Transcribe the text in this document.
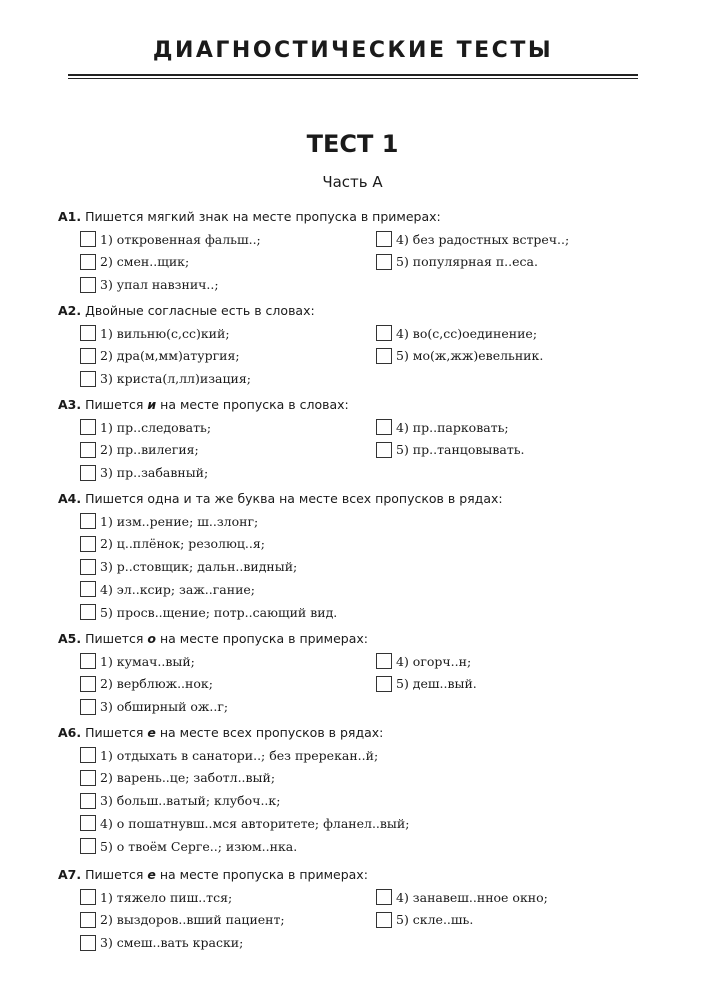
ДИАГНОСТИЧЕСКИЕ ТЕСТЫ
ТЕСТ 1
Часть А
А1. Пишется мягкий знак на месте пропуска в примерах:
1) откровенная фальш..;	4) без радостных встреч..;
2) смен..щик;	5) популярная п..еса.
3) упал навзнич..;
А2. Двойные согласные есть в словах:
1) вильню(с,сс)кий;	4) во(с,сс)оединение;
2) дра(м,мм)атургия;	5) мо(ж,жж)евельник.
3) криста(л,лл)изация;
А3. Пишется и на месте пропуска в словах:
1) пр..следовать;	4) пр..парковать;
2) пр..вилегия;	5) пр..танцовывать.
3) пр..забавный;
А4. Пишется одна и та же буква на месте всех пропусков в рядах:
1) изм..рение; ш..злонг;
2) ц..плёнок; резолюц..я;
3) р..стовщик; дальн..видный;
4) эл..ксир; заж..гание;
5) просв..щение; потр..сающий вид.
А5. Пишется о на месте пропуска в примерах:
1) кумач..вый;	4) огорч..н;
2) верблюж..нок;	5) деш..вый.
3) обширный ож..г;
А6. Пишется е на месте всех пропусков в рядах:
1) отдыхать в санатори..; без пререкан..й;
2) варень..це; заботл..вый;
3) больш..ватый; клубоч..к;
4) о пошатнувш..мся авторитете; фланел..вый;
5) о твоём Серге..; изюм..нка.
А7. Пишется е на месте пропуска в примерах:
1) тяжело пиш..тся;	4) занавеш..нное окно;
2) выздоров..вший пациент;	5) скле..шь.
3) смеш..вать краски;
